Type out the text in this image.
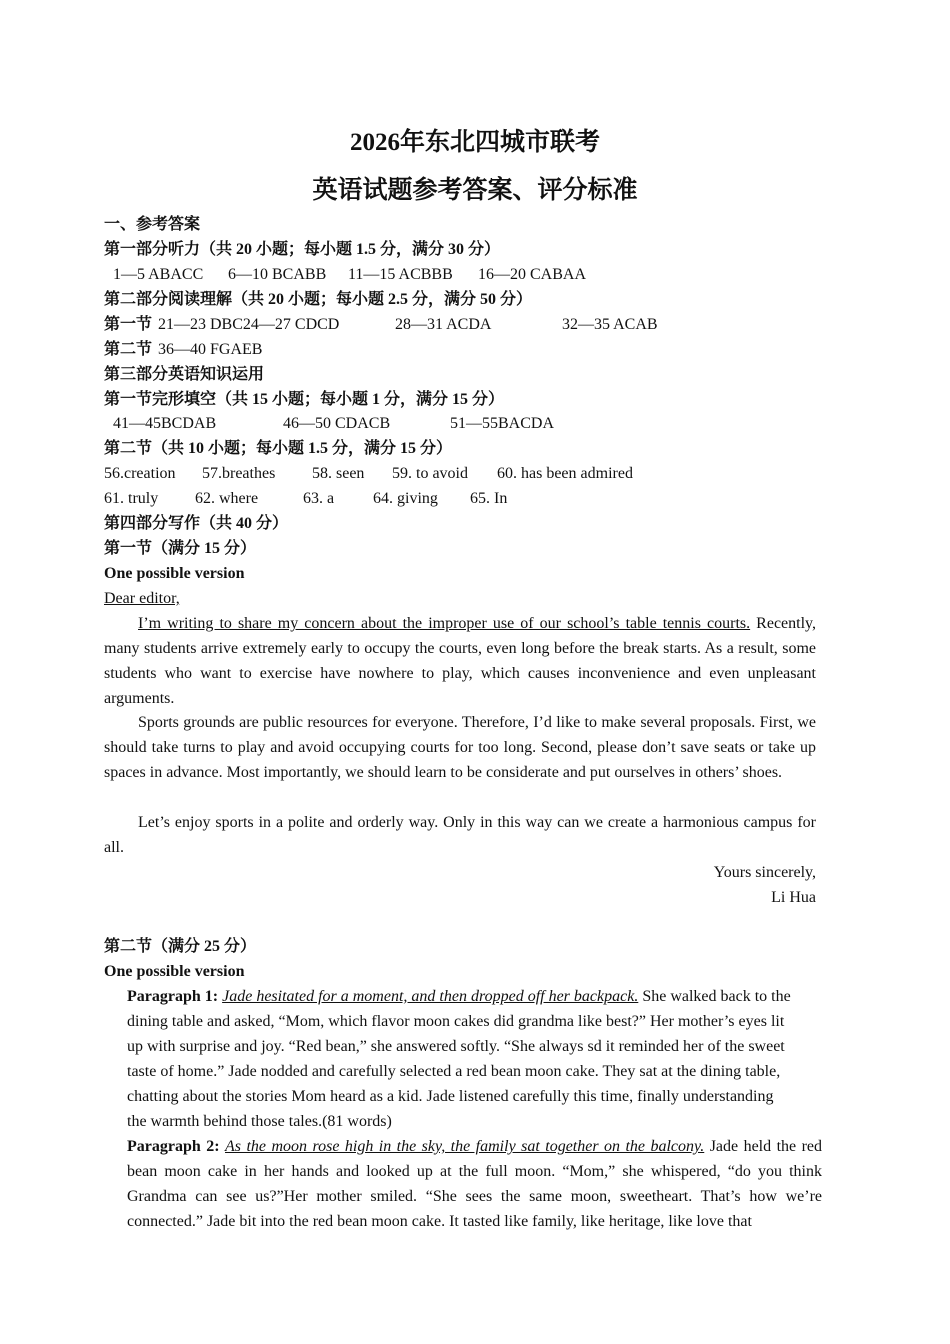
2026年东北四城市联考
英语试题参考答案、评分标准
一、参考答案
第一部分听力（共 20 小题；每小题 1.5 分，满分 30 分）
1—5 ABACC 6—10 BCABB 11—15 ACBBB 16—20 CABAA
第二部分阅读理解（共 20 小题；每小题 2.5 分，满分 50 分）
第一节 21—23 DBC24—27 CDCD	28—31 ACDA	32—35 ACAB
第二节 36—40 FGAEB
第三部分英语知识运用
第一节完形填空（共 15 小题；每小题 1 分，满分 15 分）
41—45BCDAB	46—50 CDACB	51—55BACDA
第二节（共 10 小题；每小题 1.5 分，满分 15 分）
56.creation 57.breathes 58. seen 59. to avoid 60. has been admired
61. truly 62. where	63. a 64. giving 65. In
第四部分写作（共 40 分）
第一节（满分 15 分）
One possible version
Dear editor,
I’m writing to share my concern about the improper use of our school’s table tennis courts. Recently, many students arrive extremely early to occupy the courts, even long before the break starts. As a result, some students who want to exercise have nowhere to play, which causes inconvenience and even unpleasant arguments.
Sports grounds are public resources for everyone. Therefore, I’d like to make several proposals. First, we should take turns to play and avoid occupying courts for too long. Second, please don’t save seats or take up spaces in advance. Most importantly, we should learn to be considerate and put ourselves in others’ shoes.
Let’s enjoy sports in a polite and orderly way. Only in this way can we create a harmonious campus for all.
Yours sincerely,
Li Hua
第二节（满分 25 分）
One possible version
Paragraph 1: Jade hesitated for a moment, and then dropped off her backpack. She walked back to the
dining table and asked, “Mom, which flavor moon cakes did grandma like best?” Her mother’s eyes lit
up with surprise and joy. “Red bean,” she answered softly. “She always sd it reminded her of the sweet
taste of home.” Jade nodded and carefully selected a red bean moon cake. They sat at the dining table,
chatting about the stories Mom heard as a kid. Jade listened carefully this time, finally understanding
the warmth behind those tales.(81 words)
Paragraph 2: As the moon rose high in the sky, the family sat together on the balcony. Jade held the red bean moon cake in her hands and looked up at the full moon. “Mom,” she whispered, “do you think Grandma can see us?”Her mother smiled. “She sees the same moon, sweetheart. That’s how we’re connected.” Jade bit into the red bean moon cake. It tasted like family, like heritage, like love that
